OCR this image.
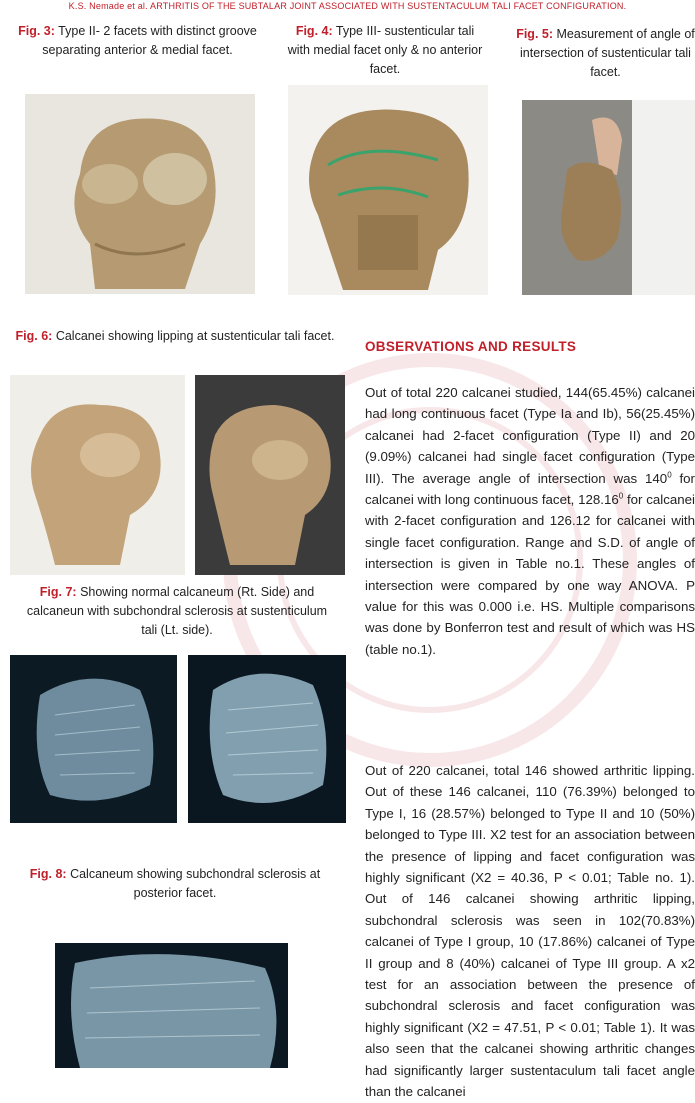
K.S. Nemade et al. ARTHRITIS OF THE SUBTALAR JOINT ASSOCIATED WITH SUSTENTACULUM TALI FACET CONFIGURATION.
Fig. 3: Type II- 2 facets with distinct groove separating anterior & medial facet.
Fig. 4: Type III- sustenticular tali with medial facet only & no anterior facet.
Fig. 5: Measurement of angle of intersection of sustenticular tali facet.
Fig. 6: Calcanei showing lipping at sustenticular tali facet.
Fig. 7: Showing normal calcaneum (Rt. Side) and calcaneun with subchondral sclerosis at sustenticulum tali (Lt. side).
Fig. 8: Calcaneum showing subchondral sclerosis at posterior facet.
OBSERVATIONS AND RESULTS

Out of total 220 calcanei studied, 144(65.45%) calcanei had long continuous facet (Type Ia and Ib), 56(25.45%) calcanei had 2-facet configuration (Type II) and 20 (9.09%) calcanei had single facet configuration (Type III). The average angle of intersection was $140^0$ for calcanei with long continuous facet, 128.16$^0$ for calcanei with 2-facet configuration and 126.12 for calcanei with single facet configuration. Range and S.D. of angle of intersection is given in Table no.1. These angles of intersection were compared by one way ANOVA. P value for this was 0.000 i.e. HS. Multiple comparisons was done by Bonferron test and result of which was HS (table no.1).

Out of 220 calcanei, total 146 showed arthritic lipping. Out of these 146 calcanei, 110 (76.39%) belonged to Type I, 16 (28.57%) belonged to Type II and 10 (50%) belonged to Type III. X2 test for an association between the presence of lipping and facet configuration was highly significant (X2 = 40.36, P < 0.01; Table no. 1). Out of 146 calcanei showing arthritic lipping, subchondral sclerosis was seen in 102(70.83%) calcanei of Type I group, 10 (17.86%) calcanei of Type II group and 8 (40%) calcanei of Type III group. A x2 test for an association between the presence of subchondral sclerosis and facet configuration was highly significant (X2 = 47.51, P < 0.01; Table 1). It was also seen that the calcanei showing arthritic changes had significantly larger sustentaculum tali facet angle than the calcanei
